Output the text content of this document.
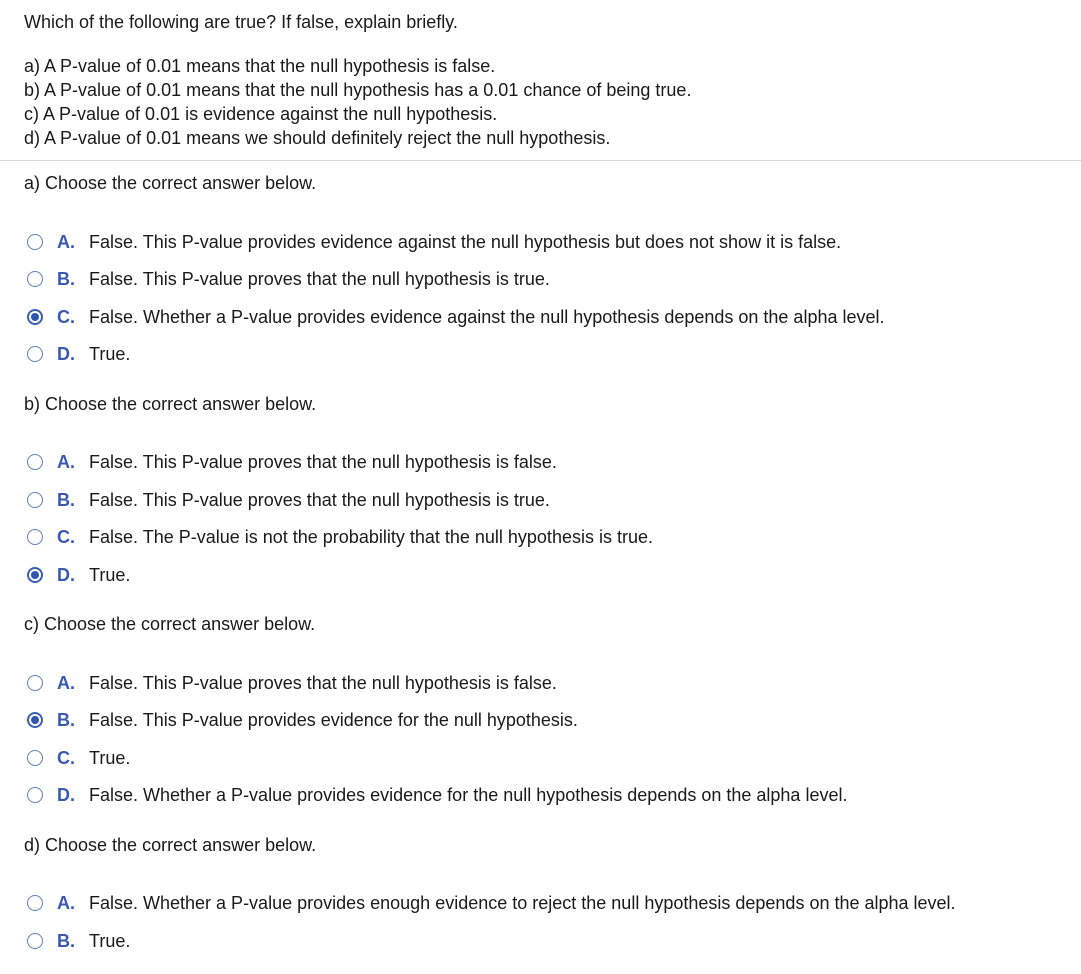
Which of the following are true? If false, explain briefly.

a) A P-value of 0.01 means that the null hypothesis is false.
b) A P-value of 0.01 means that the null hypothesis has a 0.01 chance of being true.
c) A P-value of 0.01 is evidence against the null hypothesis.
d) A P-value of 0.01 means we should definitely reject the null hypothesis.

a) Choose the correct answer below.

A. False. This P-value provides evidence against the null hypothesis but does not show it is false.
B. False. This P-value proves that the null hypothesis is true.
C. False. Whether a P-value provides evidence against the null hypothesis depends on the alpha level.
D. True.

b) Choose the correct answer below.

A. False. This P-value proves that the null hypothesis is false.
B. False. This P-value proves that the null hypothesis is true.
C. False. The P-value is not the probability that the null hypothesis is true.
D. True.

c) Choose the correct answer below.

A. False. This P-value proves that the null hypothesis is false.
B. False. This P-value provides evidence for the null hypothesis.
C. True.
D. False. Whether a P-value provides evidence for the null hypothesis depends on the alpha level.

d) Choose the correct answer below.

A. False. Whether a P-value provides enough evidence to reject the null hypothesis depends on the alpha level.
B. True.
